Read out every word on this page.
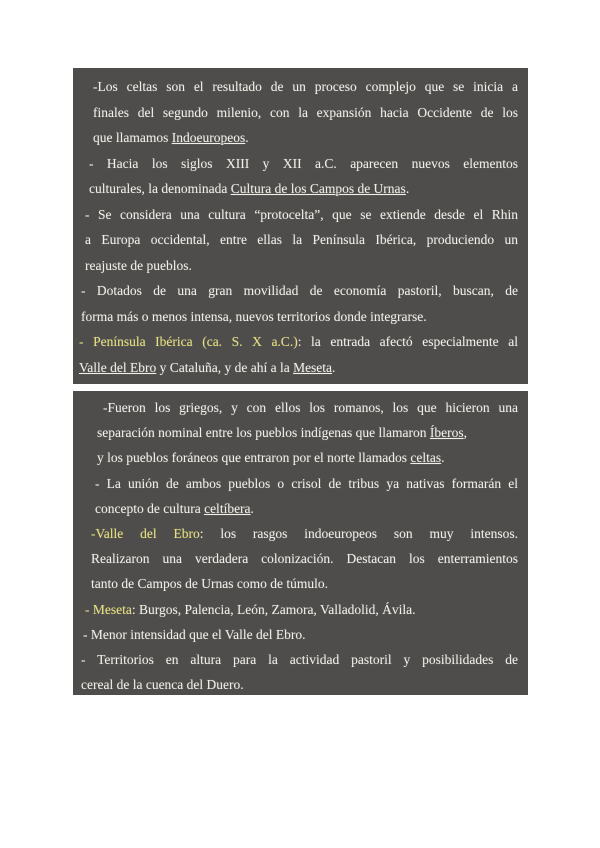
-Los celtas son el resultado de un proceso complejo que se inicia a
finales del segundo milenio, con la expansión hacia Occidente de los
que llamamos Indoeuropeos.
- Hacia los siglos XIII y XII a.C. aparecen nuevos elementos
culturales, la denominada Cultura de los Campos de Urnas.
- Se considera una cultura “protocelta”, que se extiende desde el Rhin
a Europa occidental, entre ellas la Península Ibérica, produciendo un
reajuste de pueblos.
- Dotados de una gran movilidad de economía pastoril, buscan, de
forma más o menos intensa, nuevos territorios donde integrarse.
- Península Ibérica (ca. S. X a.C.): la entrada afectó especialmente al
Valle del Ebro y Cataluña, y de ahí a la Meseta.
-Fueron los griegos, y con ellos los romanos, los que hicieron una
separación nominal entre los pueblos indígenas que llamaron Íberos,
y los pueblos foráneos que entraron por el norte llamados celtas.
- La unión de ambos pueblos o crisol de tribus ya nativas formarán el
concepto de cultura celtíbera.
-Valle del Ebro: los rasgos indoeuropeos son muy intensos.
Realizaron una verdadera colonización. Destacan los enterramientos
tanto de Campos de Urnas como de túmulo.
- Meseta: Burgos, Palencia, León, Zamora, Valladolid, Ávila.
- Menor intensidad que el Valle del Ebro.
- Territorios en altura para la actividad pastoril y posibilidades de
cereal de la cuenca del Duero.
